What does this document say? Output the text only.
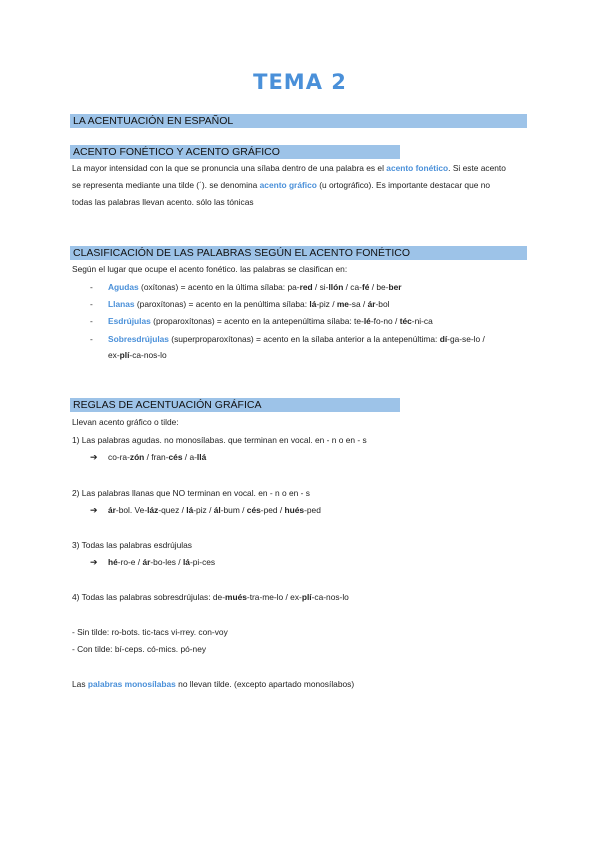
TEMA 2
LA ACENTUACIÓN EN ESPAÑOL
ACENTO FONÉTICO Y ACENTO GRÁFICO

La mayor intensidad con la que se pronuncia una sílaba dentro de una palabra es el acento fonético. Si este acento

se representa mediante una tilde (´). se denomina acento gráfico (u ortográfico). Es importante destacar que no

todas las palabras llevan acento. sólo las tónicas

CLASIFICACIÓN DE LAS PALABRAS SEGÚN EL ACENTO FONÉTICO

Según el lugar que ocupe el acento fonético. las palabras se clasifican en:

- Agudas (oxítonas) = acento en la última sílaba: pa-red / si-llón / ca-fé / be-ber

- Llanas (paroxítonas) = acento en la penúltima sílaba: lá-piz / me-sa / ár-bol

- Esdrújulas (proparoxítonas) = acento en la antepenúltima sílaba: te-lé-fo-no / téc-ni-ca

- Sobresdrújulas (superproparoxítonas) = acento en la sílaba anterior a la antepenúltima: dí-ga-se-lo /
ex-plí-ca-nos-lo

REGLAS DE ACENTUACIÓN GRÁFICA

Llevan acento gráfico o tilde:

1) Las palabras agudas. no monosílabas. que terminan en vocal. en - n o en - s

➔ co-ra-zón / fran-cés / a-llá

2) Las palabras llanas que NO terminan en vocal. en - n o en - s

➔ ár-bol. Ve-láz-quez / lá-piz / ál-bum / cés-ped / hués-ped

3) Todas las palabras esdrújulas

➔ hé-ro-e / ár-bo-les / lá-pi-ces

4) Todas las palabras sobresdrújulas: de-mués-tra-me-lo / ex-plí-ca-nos-lo

- Sin tilde: ro-bots. tic-tacs vi-rrey. con-voy

- Con tilde: bí-ceps. có-mics. pó-ney

Las palabras monosílabas no llevan tilde. (excepto apartado monosílabos)
